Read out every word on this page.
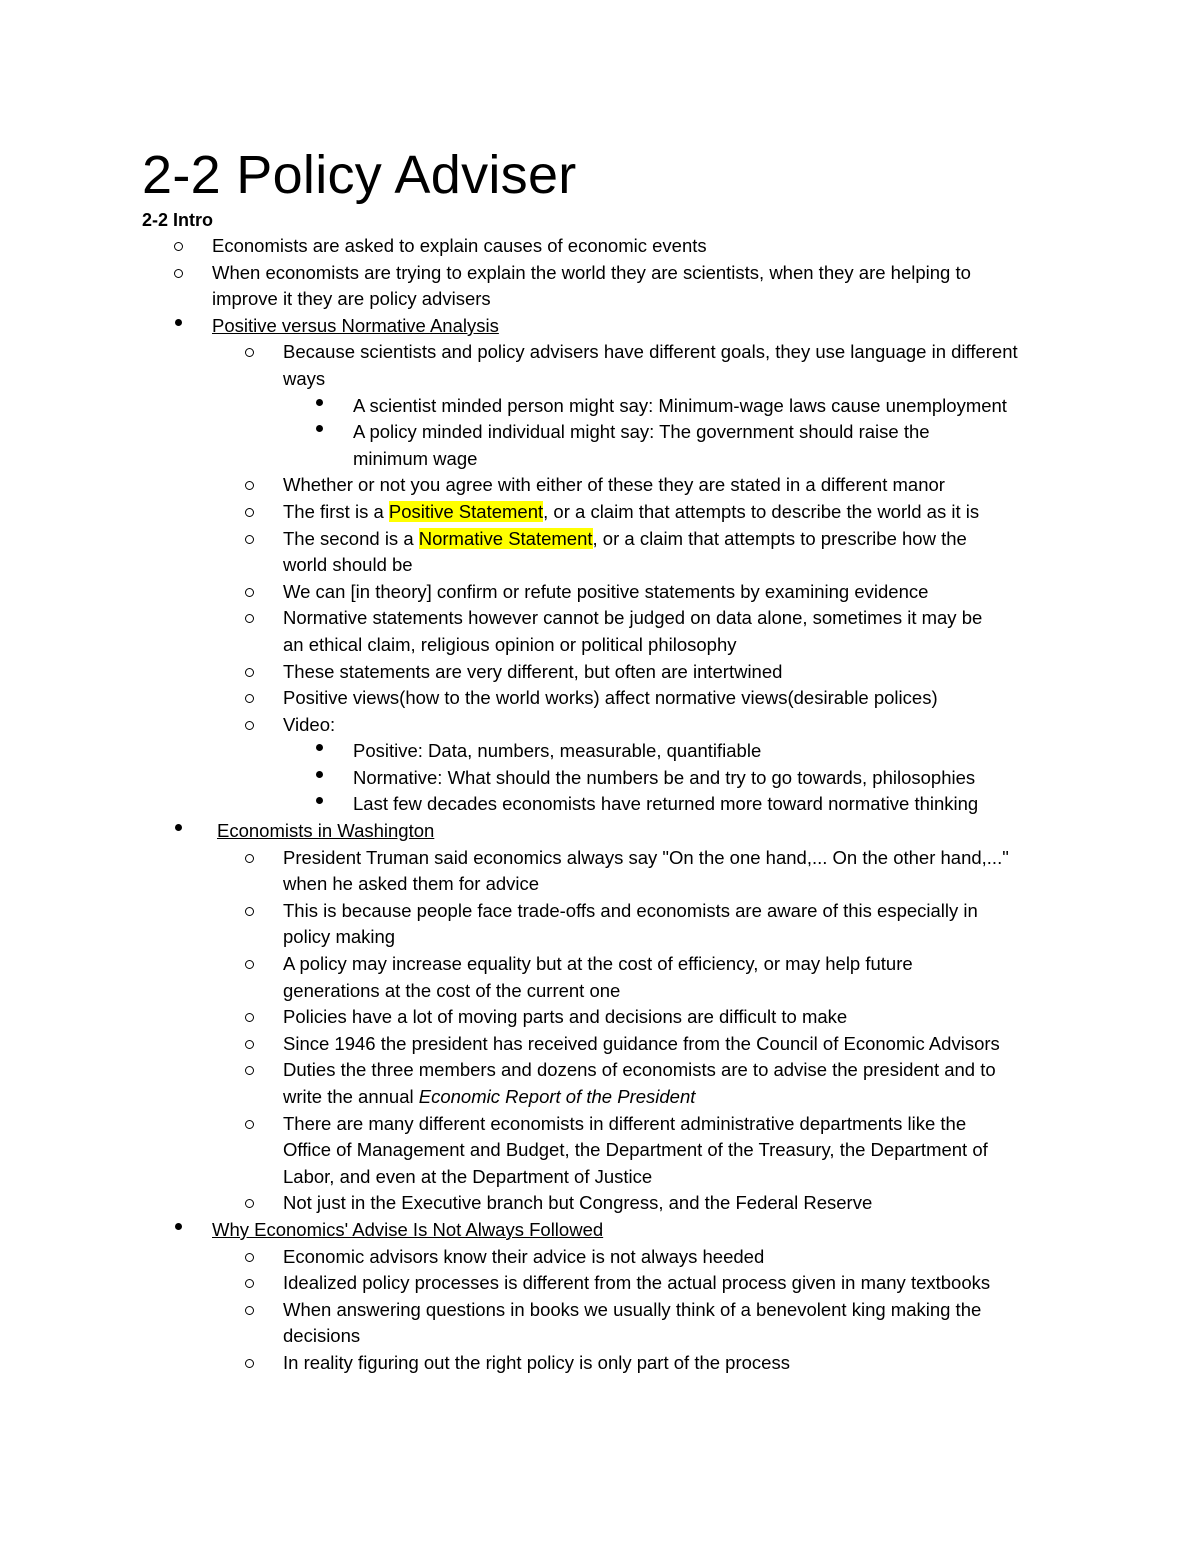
2-2 Policy Adviser
2-2 Intro
Economists are asked to explain causes of economic events
When economists are trying to explain the world they are scientists, when they are helping to
improve it they are policy advisers
Positive versus Normative Analysis
Because scientists and policy advisers have different goals, they use language in different
ways
A scientist minded person might say: Minimum-wage laws cause unemployment
A policy minded individual might say: The government should raise the
minimum wage
Whether or not you agree with either of these they are stated in a different manor
The first is a Positive Statement, or a claim that attempts to describe the world as it is
The second is a Normative Statement, or a claim that attempts to prescribe how the
world should be
We can [in theory] confirm or refute positive statements by examining evidence
Normative statements however cannot be judged on data alone, sometimes it may be
an ethical claim, religious opinion or political philosophy
These statements are very different, but often are intertwined
Positive views(how to the world works) affect normative views(desirable polices)
Video:
Positive: Data, numbers, measurable, quantifiable
Normative: What should the numbers be and try to go towards, philosophies
Last few decades economists have returned more toward normative thinking
Economists in Washington
President Truman said economics always say "On the one hand,... On the other hand,..."
when he asked them for advice
This is because people face trade-offs and economists are aware of this especially in
policy making
A policy may increase equality but at the cost of efficiency, or may help future
generations at the cost of the current one
Policies have a lot of moving parts and decisions are difficult to make
Since 1946 the president has received guidance from the Council of Economic Advisors
Duties the three members and dozens of economists are to advise the president and to
write the annual Economic Report of the President
There are many different economists in different administrative departments like the
Office of Management and Budget, the Department of the Treasury, the Department of
Labor, and even at the Department of Justice
Not just in the Executive branch but Congress, and the Federal Reserve
Why Economics' Advise Is Not Always Followed
Economic advisors know their advice is not always heeded
Idealized policy processes is different from the actual process given in many textbooks
When answering questions in books we usually think of a benevolent king making the
decisions
In reality figuring out the right policy is only part of the process
